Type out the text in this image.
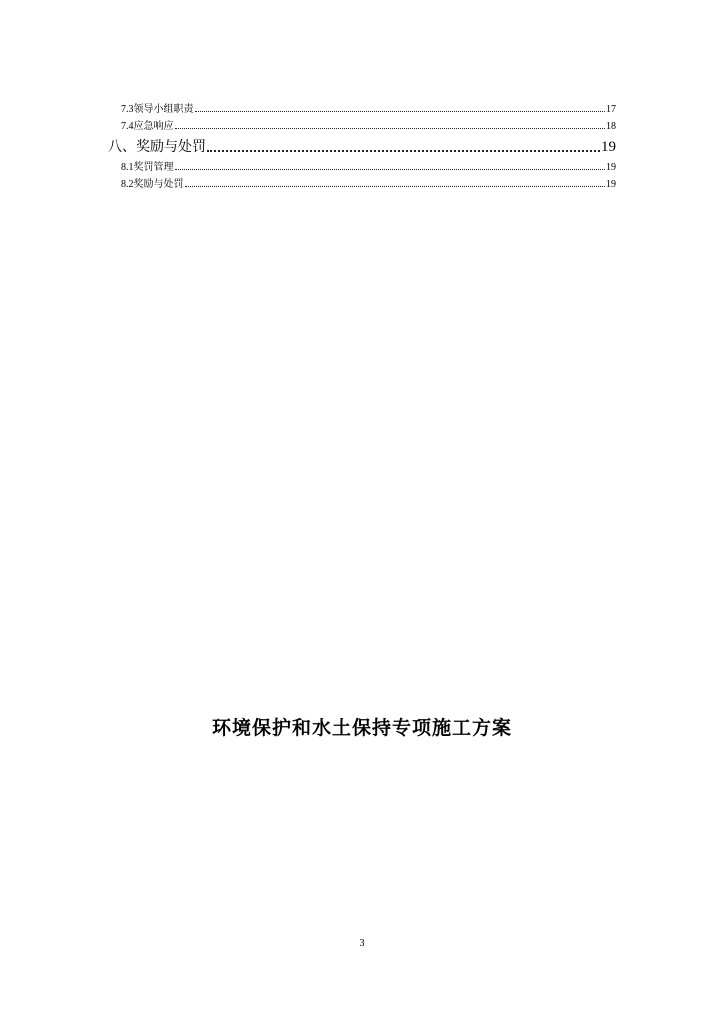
7.3 领导小组职责	17
7.4 应急响应	18
八、奖励与处罚	19
8.1 奖罚管理	19
8.2 奖励与处罚	19
环境保护和水土保持专项施工方案
3
